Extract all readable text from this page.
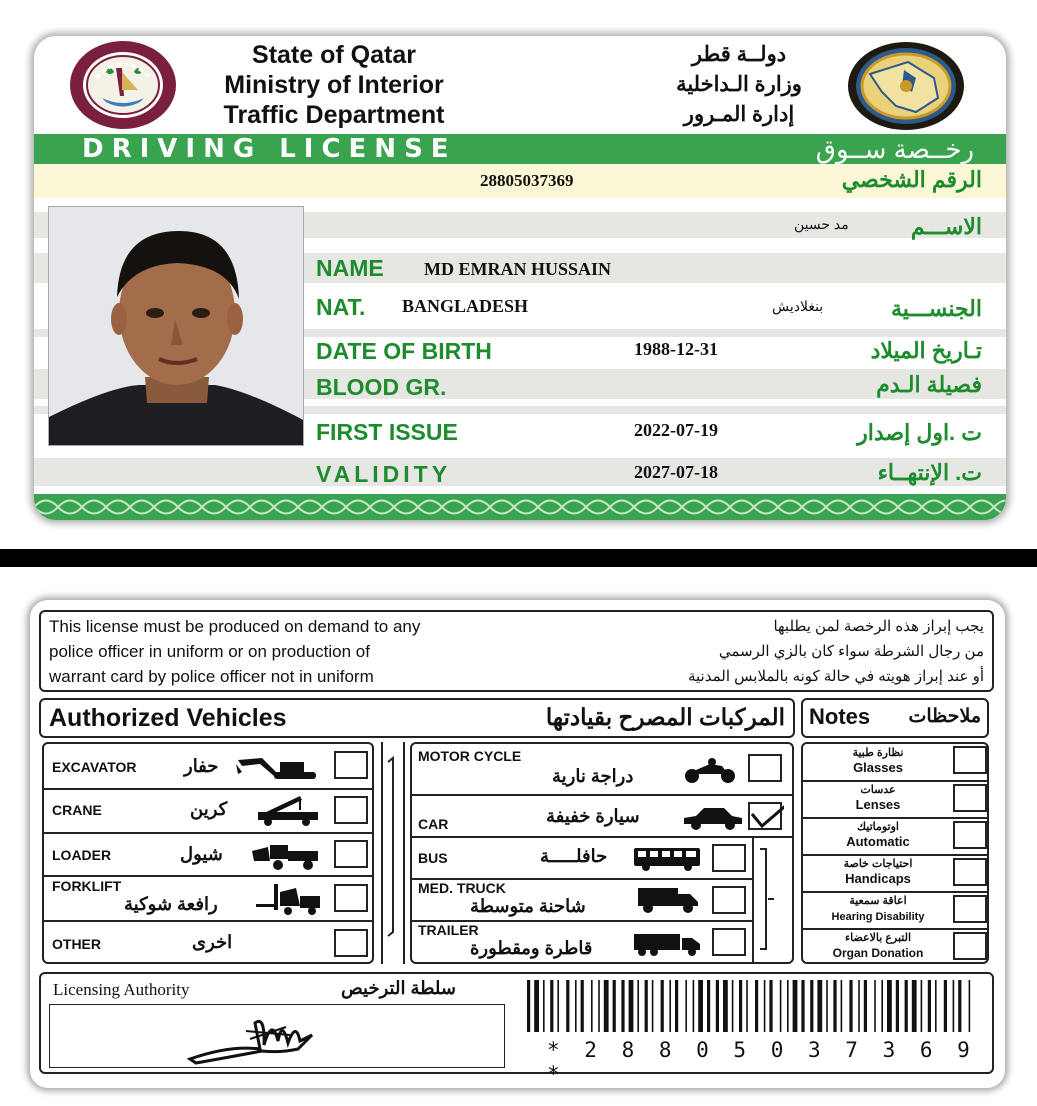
State of Qatar
Ministry of Interior
Traffic Department
دولــة قطر
وزارة الـداخلية
إدارة المـرور
DRIVING LICENSE	رخــصة ســوق
28805037369	الرقم الشخصي
الاســـم
مد حسين
NAME MD EMRAN HUSSAIN
NAT. BANGLADESH	بنغلاديش	الجنســـية
DATE OF BIRTH	1988-12-31	تـاريخ الميلاد
BLOOD GR.	فصيلة الـدم
FIRST ISSUE	2022-07-19	ت .اول إصدار
VALIDITY	2027-07-18	ت. الإنتهــاء
This license must be produced on demand to any
police officer in uniform or on production of
warrant card by police officer not in uniform
يجب إبراز هذه الرخصة لمن يطلبها
من رجال الشرطة سواء كان بالزي الرسمي
أو عند إبراز هويته في حالة كونه بالملابس المدنية
Authorized Vehicles	المركبات المصرح بقيادتها Notes ملاحظات
EXCAVATOR	حفار
CRANE	كرين
LOADER	شيول
FORKLIFT
رافعة شوكية
OTHER	اخرى
MOTOR CYCLE
دراجة نارية
CAR	سيارة خفيفة
BUS	حافلـــــة
MED. TRUCK
شاحنة متوسطة
TRAILER
قاطرة ومقطورة
نظارة طبية
Glasses
عدسات
Lenses
اوتوماتيك
Automatic
احتياجات خاصة
Handicaps
اعاقة سمعية
Hearing Disability
التبرع بالاعضاء
Organ Donation
Licensing Authority	سلطة الترخيص
* 2 8 8 0 5 0 3 7 3 6 9 *
